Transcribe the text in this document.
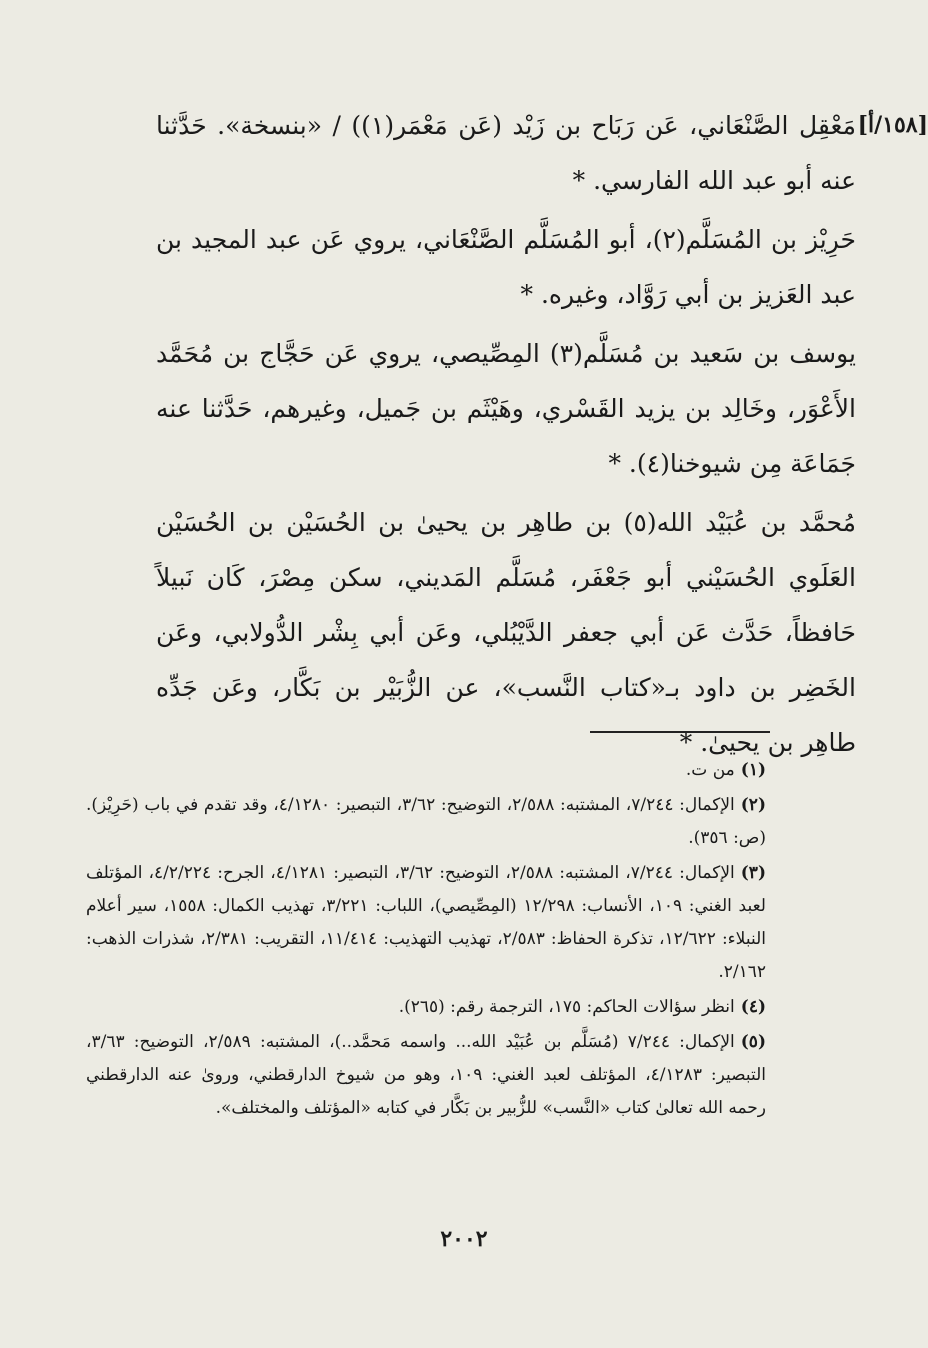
[١٥٨/أ]

مَعْقِل الصَّنْعَاني، عَن رَبَاح بن زَيْد (عَن مَعْمَر(١)) / «بنسخة». حَدَّثنا عنه أبو عبد الله الفارسي. *

حَرِيْز بن المُسَلَّم(٢)، أبو المُسَلَّم الصَّنْعَاني، يروي عَن عبد المجيد بن عبد العَزيز بن أبي رَوَّاد، وغيره. *

يوسف بن سَعيد بن مُسَلَّم(٣) المِصِّيصي، يروي عَن حَجَّاج بن مُحَمَّد الأَعْوَر، وخَالِد بن يزيد القَسْري، وهَيْثَم بن جَميل، وغيرهم، حَدَّثنا عنه جَمَاعَة مِن شيوخنا(٤). *

مُحمَّد بن عُبَيْد الله(٥) بن طاهِر بن يحيىٰ بن الحُسَيْن بن الحُسَيْن العَلَوي الحُسَيْني أبو جَعْفَر، مُسَلَّم المَديني، سكن مِصْرَ، كَان نَبيلاً حَافظاً، حَدَّث عَن أبي جعفر الدَّيْبُلي، وعَن أبي بِشْر الدُّولابي، وعَن الخَضِر بن داود بـ«كتاب النَّسب»، عن الزُّبَيْر بن بَكَّار، وعَن جَدِّه طاهِر بن يحيىٰ. *

(١)من ت.

(٢)الإكمال: ٧/٢٤٤، المشتبه: ٢/٥٨٨، التوضيح: ٣/٦٢، التبصير: ٤/١٢٨٠، وقد تقدم في باب (حَرِيْز). (ص: ٣٥٦).

(٣)الإكمال: ٧/٢٤٤، المشتبه: ٢/٥٨٨، التوضيح: ٣/٦٢، التبصير: ٤/١٢٨١، الجرح: ٤/٢/٢٢٤، المؤتلف لعبد الغني: ١٠٩، الأنساب: ١٢/٢٩٨ (المِصِّيصي)، اللباب: ٣/٢٢١، تهذيب الكمال: ١٥٥٨، سير أعلام النبلاء: ١٢/٦٢٢، تذكرة الحفاظ: ٢/٥٨٣، تهذيب التهذيب: ١١/٤١٤، التقريب: ٢/٣٨١، شذرات الذهب: ٢/١٦٢.

(٤)انظر سؤالات الحاكم: ١٧٥، الترجمة رقم: (٢٦٥).

(٥)الإكمال: ٧/٢٤٤ (مُسَلَّم بن عُبَيْد الله... واسمه مَحمَّد..)، المشتبه: ٢/٥٨٩، التوضيح: ٣/٦٣، التبصير: ٤/١٢٨٣، المؤتلف لعبد الغني: ١٠٩، وهو من شيوخ الدارقطني، وروىٰ عنه الدارقطني رحمه الله تعالىٰ كتاب «النَّسب» للزُّبير بن بَكَّار في كتابه «المؤتلف والمختلف».

٢٠٠٢
